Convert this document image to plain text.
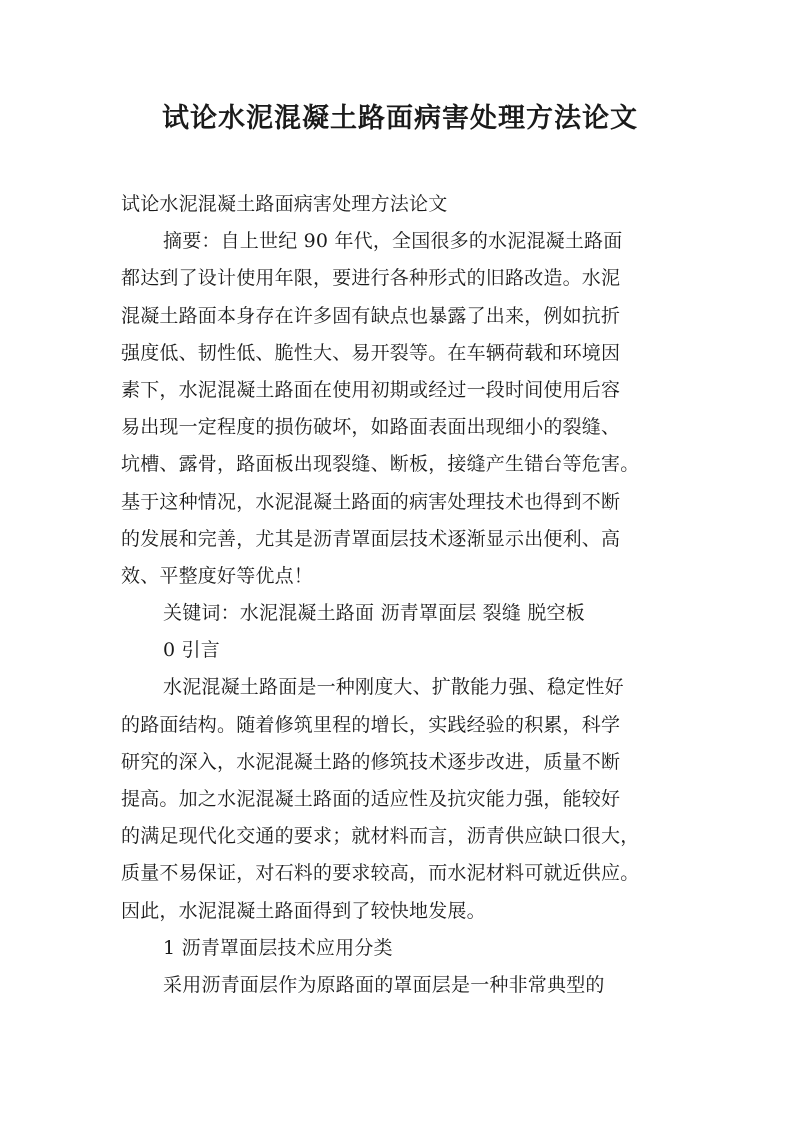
试论水泥混凝土路面病害处理方法论文
试论水泥混凝土路面病害处理方法论文
摘要：自上世纪 90 年代，全国很多的水泥混凝土路面
都达到了设计使用年限，要进行各种形式的旧路改造。水泥
混凝土路面本身存在许多固有缺点也暴露了出来，例如抗折
强度低、韧性低、脆性大、易开裂等。在车辆荷载和环境因
素下，水泥混凝土路面在使用初期或经过一段时间使用后容
易出现一定程度的损伤破坏，如路面表面出现细小的裂缝、
坑槽、露骨，路面板出现裂缝、断板，接缝产生错台等危害。
基于这种情况，水泥混凝土路面的病害处理技术也得到不断
的发展和完善，尤其是沥青罩面层技术逐渐显示出便利、高
效、平整度好等优点！
关键词：水泥混凝土路面 沥青罩面层 裂缝 脱空板
0 引言
水泥混凝土路面是一种刚度大、扩散能力强、稳定性好
的路面结构。随着修筑里程的增长，实践经验的积累，科学
研究的深入，水泥混凝土路的修筑技术逐步改进，质量不断
提高。加之水泥混凝土路面的适应性及抗灾能力强，能较好
的满足现代化交通的要求；就材料而言，沥青供应缺口很大，
质量不易保证，对石料的要求较高，而水泥材料可就近供应。
因此，水泥混凝土路面得到了较快地发展。
1 沥青罩面层技术应用分类
采用沥青面层作为原路面的罩面层是一种非常典型的
